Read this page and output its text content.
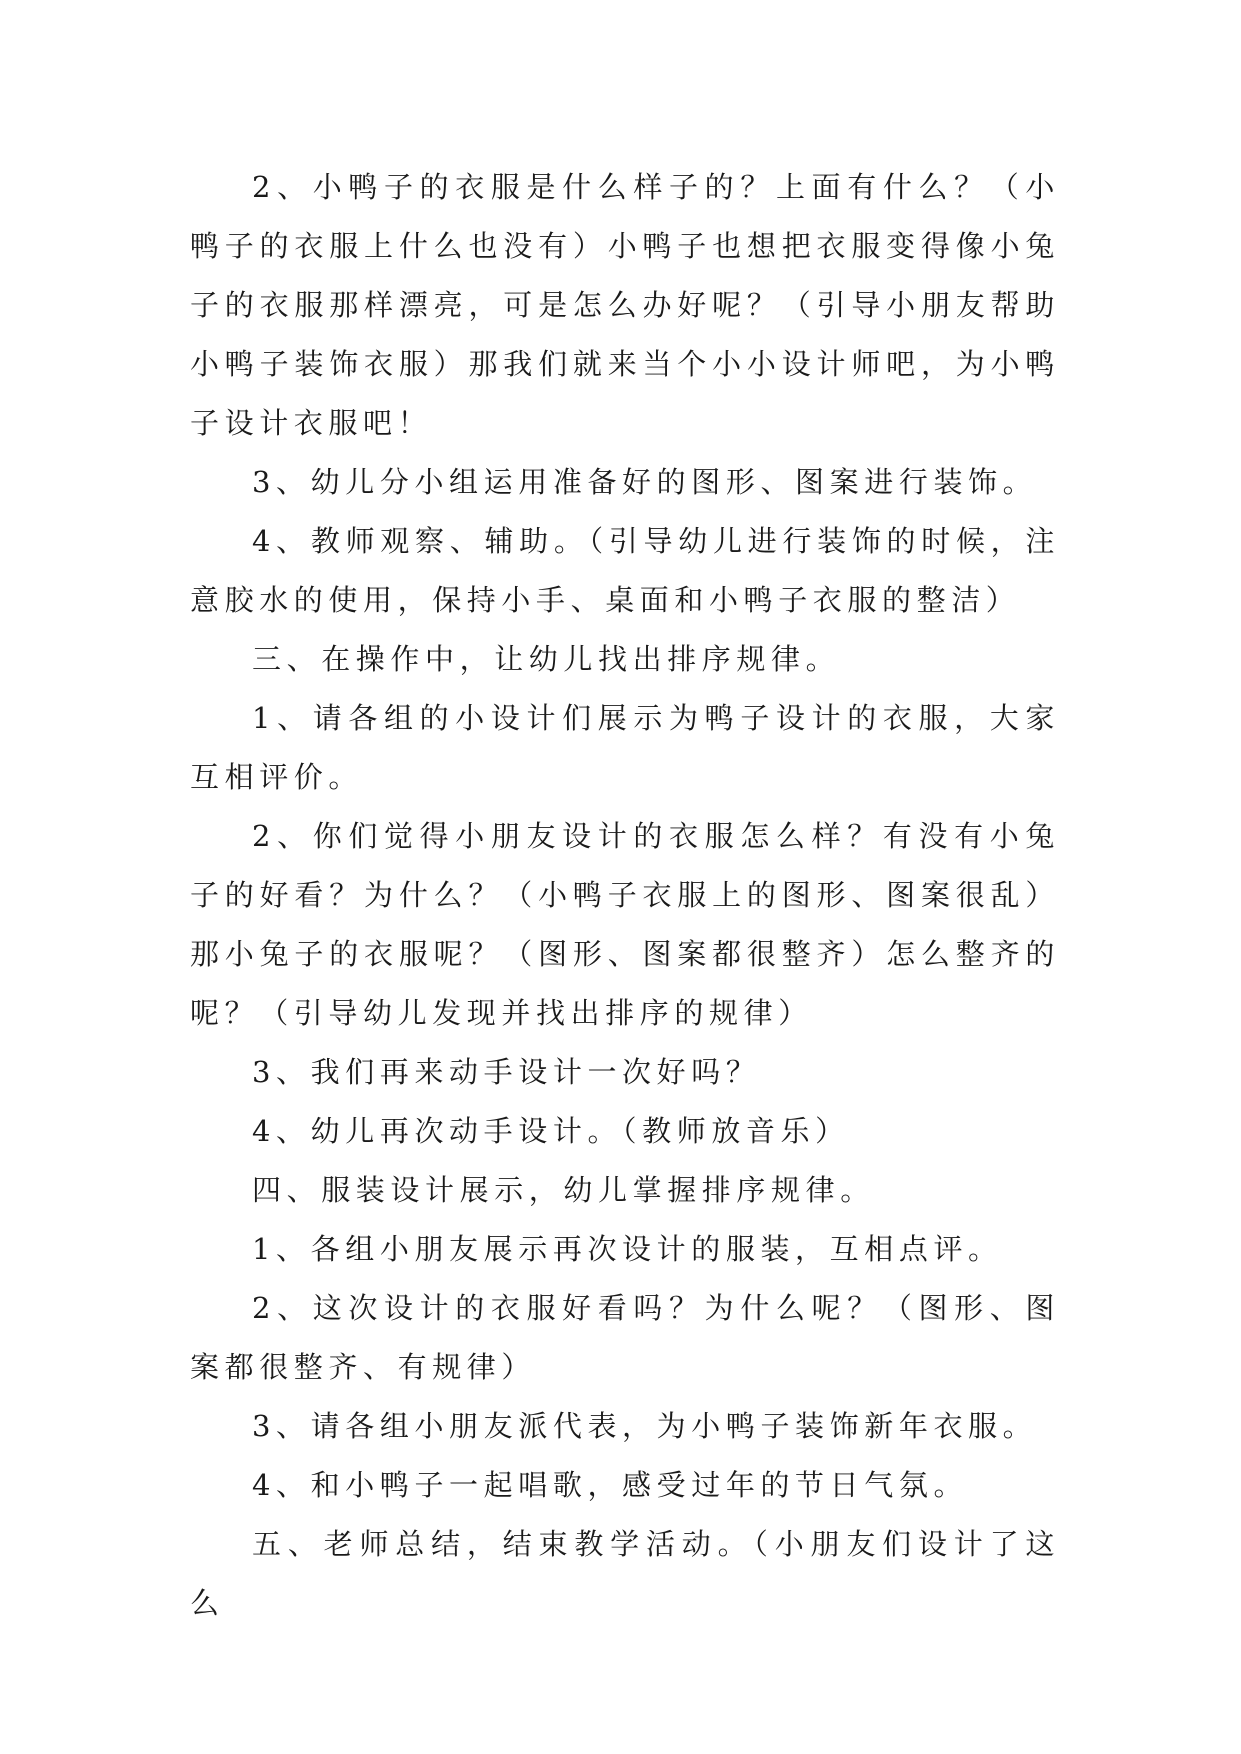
2、小鸭子的衣服是什么样子的？上面有什么？（小鸭子的衣服上什么也没有）小鸭子也想把衣服变得像小兔子的衣服那样漂亮，可是怎么办好呢？（引导小朋友帮助小鸭子装饰衣服）那我们就来当个小小设计师吧，为小鸭子设计衣服吧！

3、幼儿分小组运用准备好的图形、图案进行装饰。

4、教师观察、辅助。（引导幼儿进行装饰的时候，注意胶水的使用，保持小手、桌面和小鸭子衣服的整洁）

三、在操作中，让幼儿找出排序规律。

1、请各组的小设计们展示为鸭子设计的衣服，大家互相评价。

2、你们觉得小朋友设计的衣服怎么样？有没有小兔子的好看？为什么？（小鸭子衣服上的图形、图案很乱）那小兔子的衣服呢？（图形、图案都很整齐）怎么整齐的呢？（引导幼儿发现并找出排序的规律）

3、我们再来动手设计一次好吗？

4、幼儿再次动手设计。（教师放音乐）

四、服装设计展示，幼儿掌握排序规律。

1、各组小朋友展示再次设计的服装，互相点评。

2、这次设计的衣服好看吗？为什么呢？（图形、图案都很整齐、有规律）

3、请各组小朋友派代表，为小鸭子装饰新年衣服。

4、和小鸭子一起唱歌，感受过年的节日气氛。

五、老师总结，结束教学活动。（小朋友们设计了这么
